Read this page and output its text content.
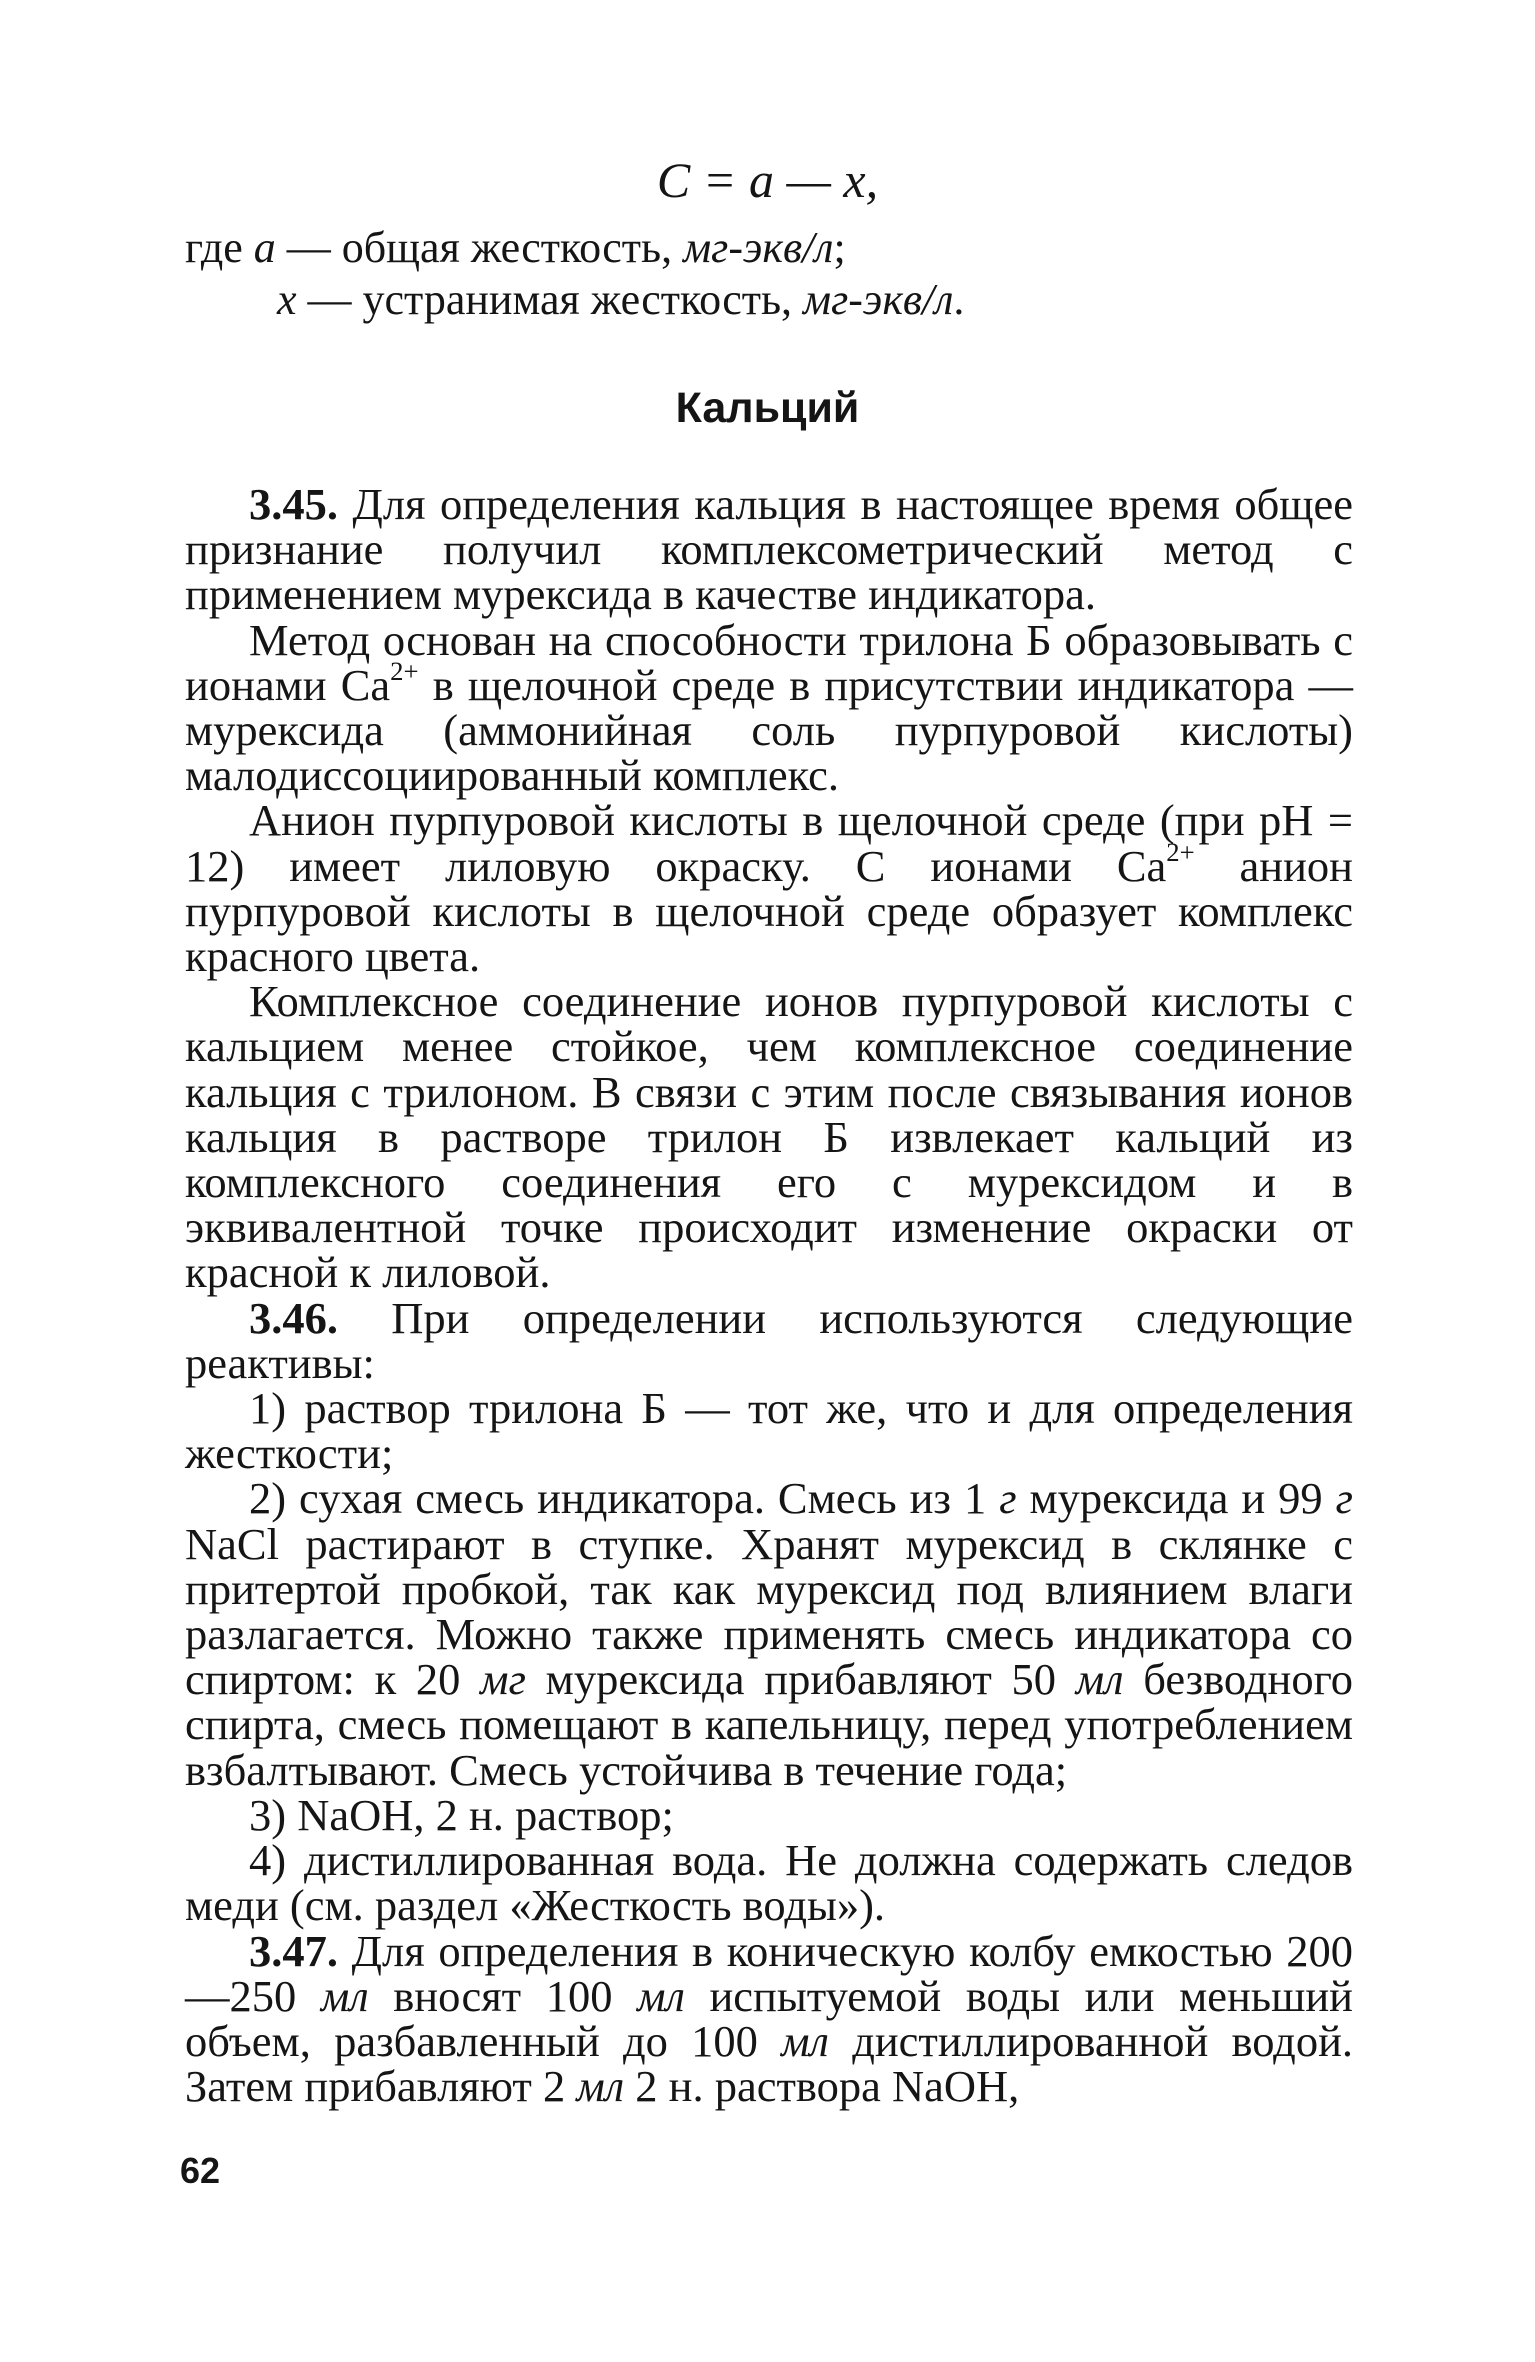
C = a — x,
где a — общая жесткость, мг-экв/л;
x — устранимая жесткость, мг-экв/л.
Кальций

3.45. Для определения кальция в настоящее время общее признание получил комплексометрический метод с применением мурексида в качестве индикатора.

Метод основан на способности трилона Б образовывать с ионами $Ca^{2+}$ в щелочной среде в присутствии индикатора — мурексида (аммонийная соль пурпуровой кислоты) малодиссоциированный комплекс.

Анион пурпуровой кислоты в щелочной среде (при pH = 12) имеет лиловую окраску. С ионами $Ca^{2+}$ анион пурпуровой кислоты в щелочной среде образует комплекс красного цвета.

Комплексное соединение ионов пурпуровой кислоты с кальцием менее стойкое, чем комплексное соединение кальция с трилоном. В связи с этим после связывания ионов кальция в растворе трилон Б извлекает кальций из комплексного соединения его с мурексидом и в эквивалентной точке происходит изменение окраски от красной к лиловой.

3.46. При определении используются следующие реактивы:

1) раствор трилона Б — тот же, что и для определения жесткости;

2) сухая смесь индикатора. Смесь из 1 г мурексида и 99 г NaCl растирают в ступке. Хранят мурексид в склянке с притертой пробкой, так как мурексид под влиянием влаги разлагается. Можно также применять смесь индикатора со спиртом: к 20 мг мурексида прибавляют 50 мл безводного спирта, смесь помещают в капельницу, перед употреблением взбалтывают. Смесь устойчива в течение года;

3) NaOH, 2 н. раствор;

4) дистиллированная вода. Не должна содержать следов меди (см. раздел «Жесткость воды»).

3.47. Для определения в коническую колбу емкостью 200—250 мл вносят 100 мл испытуемой воды или меньший объем, разбавленный до 100 мл дистиллированной водой. Затем прибавляют 2 мл 2 н. раствора NaOH,

62
